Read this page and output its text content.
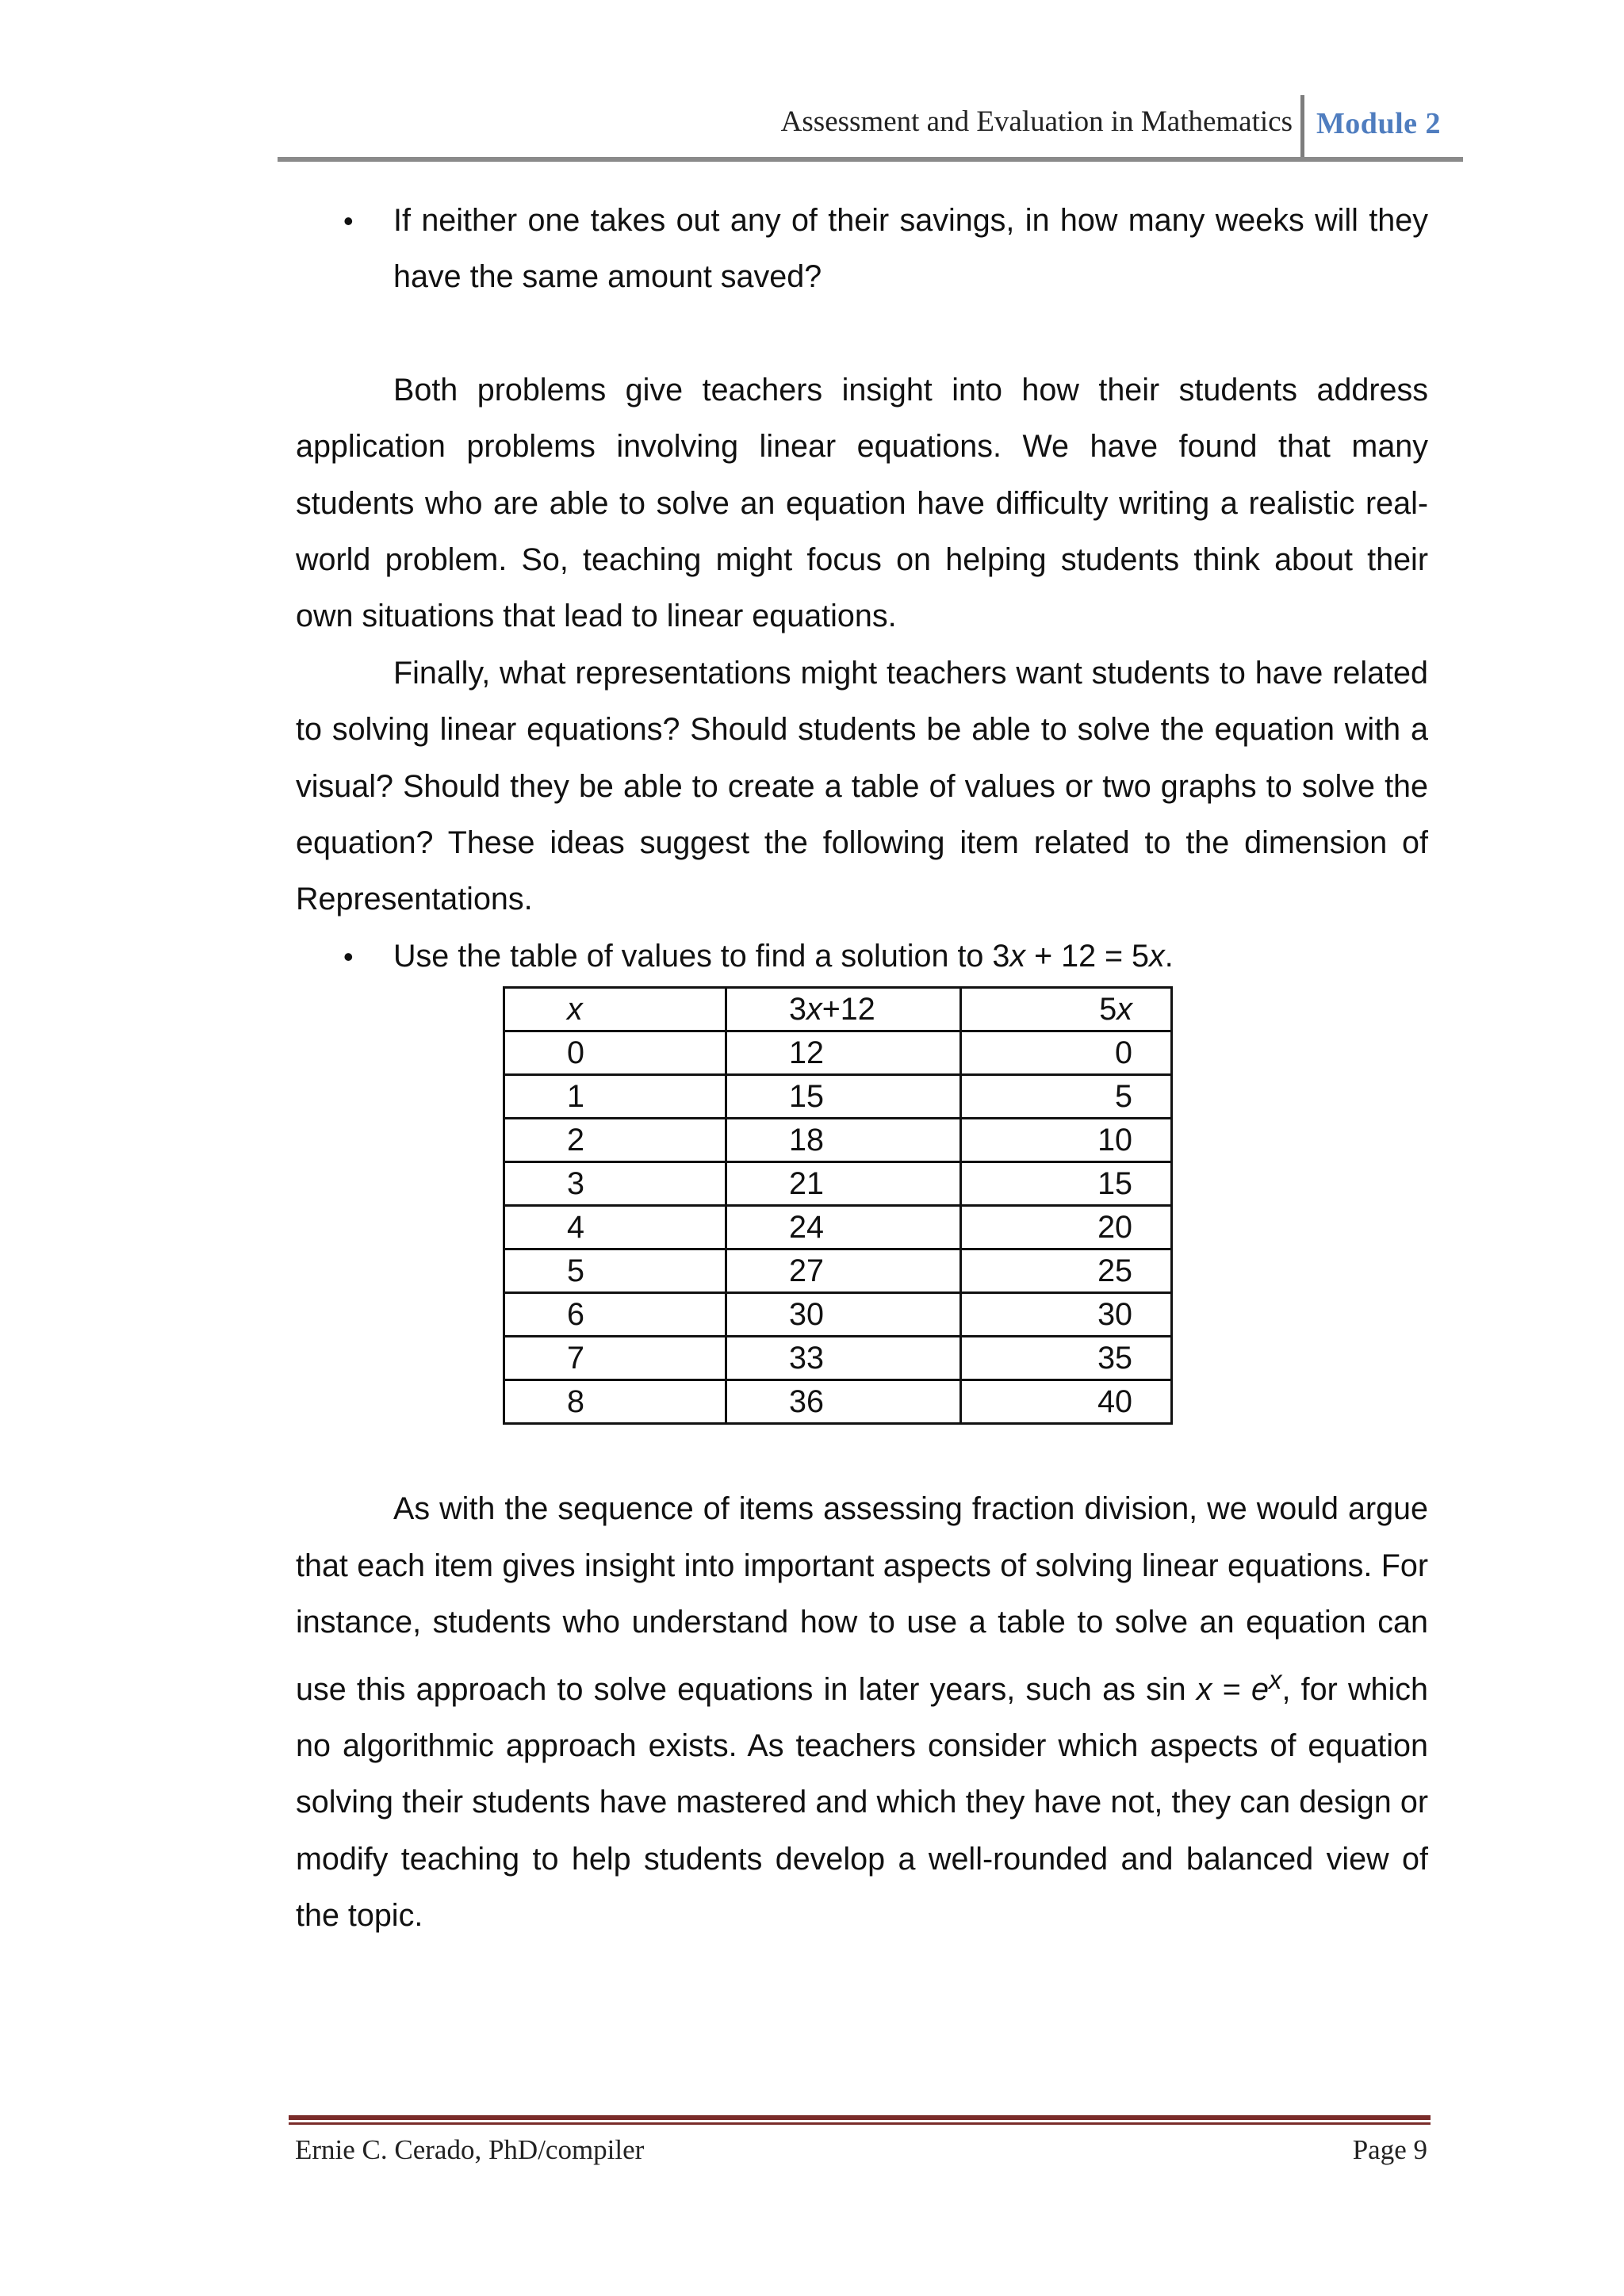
Assessment and Evaluation in Mathematics Module 2
• If neither one takes out any of their savings, in how many weeks will they have the same amount saved?

Both problems give teachers insight into how their students address application problems involving linear equations. We have found that many students who are able to solve an equation have difficulty writing a realistic real-world problem. So, teaching might focus on helping students think about their own situations that lead to linear equations.

Finally, what representations might teachers want students to have related to solving linear equations? Should students be able to solve the equation with a visual? Should they be able to create a table of values or two graphs to solve the equation? These ideas suggest the following item related to the dimension of Representations.

• Use the table of values to find a solution to 3x + 12 = 5x.
x	3x+12	5x
0	12	0
1	15	5
2	18	10
3	21	15
4	24	20
5	27	25
6	30	30
7	33	35
8	36	40

As with the sequence of items assessing fraction division, we would argue that each item gives insight into important aspects of solving linear equations. For instance, students who understand how to use a table to solve an equation can use this approach to solve equations in later years, such as $\sin x = e^x$, for which no algorithmic approach exists. As teachers consider which aspects of equation solving their students have mastered and which they have not, they can design or modify teaching to help students develop a well-rounded and balanced view of the topic.

Ernie C. Cerado, PhD/compiler	Page 9
